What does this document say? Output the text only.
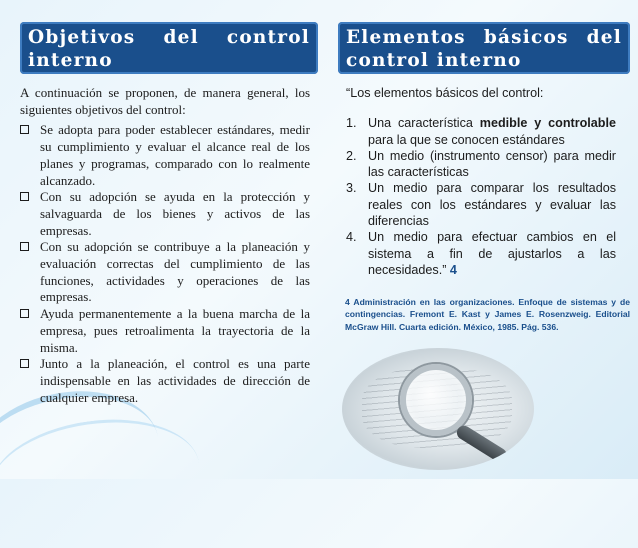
Objetivos del control
interno
Elementos básicos del
control interno

A continuación se proponen, de manera general, los siguientes objetivos del control:

Se adopta para poder establecer estándares, medir su cumplimiento y evaluar el alcance real de los planes y programas, comparado con lo realmente alcanzado.
Con su adopción se ayuda en la protección y salvaguarda de los bienes y activos de las empresas.
Con su adopción se contribuye a la planeación y evaluación correctas del cumplimiento de las funciones, actividades y operaciones de las empresas.
Ayuda permanentemente a la buena marcha de la empresa, pues retroalimenta la trayectoria de la misma.
Junto a la planeación, el control es una parte indispensable en las actividades de dirección de cualquier empresa.

“Los elementos básicos del control:

1. Una característica medible y controlable para la que se conocen estándares
2. Un medio (instrumento censor) para medir las características
3. Un medio para comparar los resultados reales con los estándares y evaluar las diferencias
4. Un medio para efectuar cambios en el sistema a fin de ajustarlos a las necesidades.” 4
4 Administración en las organizaciones. Enfoque de sistemas y de contingencias. Fremont E. Kast y James E. Rosenzweig. Editorial McGraw Hill. Cuarta edición. México, 1985. Pág. 536.
